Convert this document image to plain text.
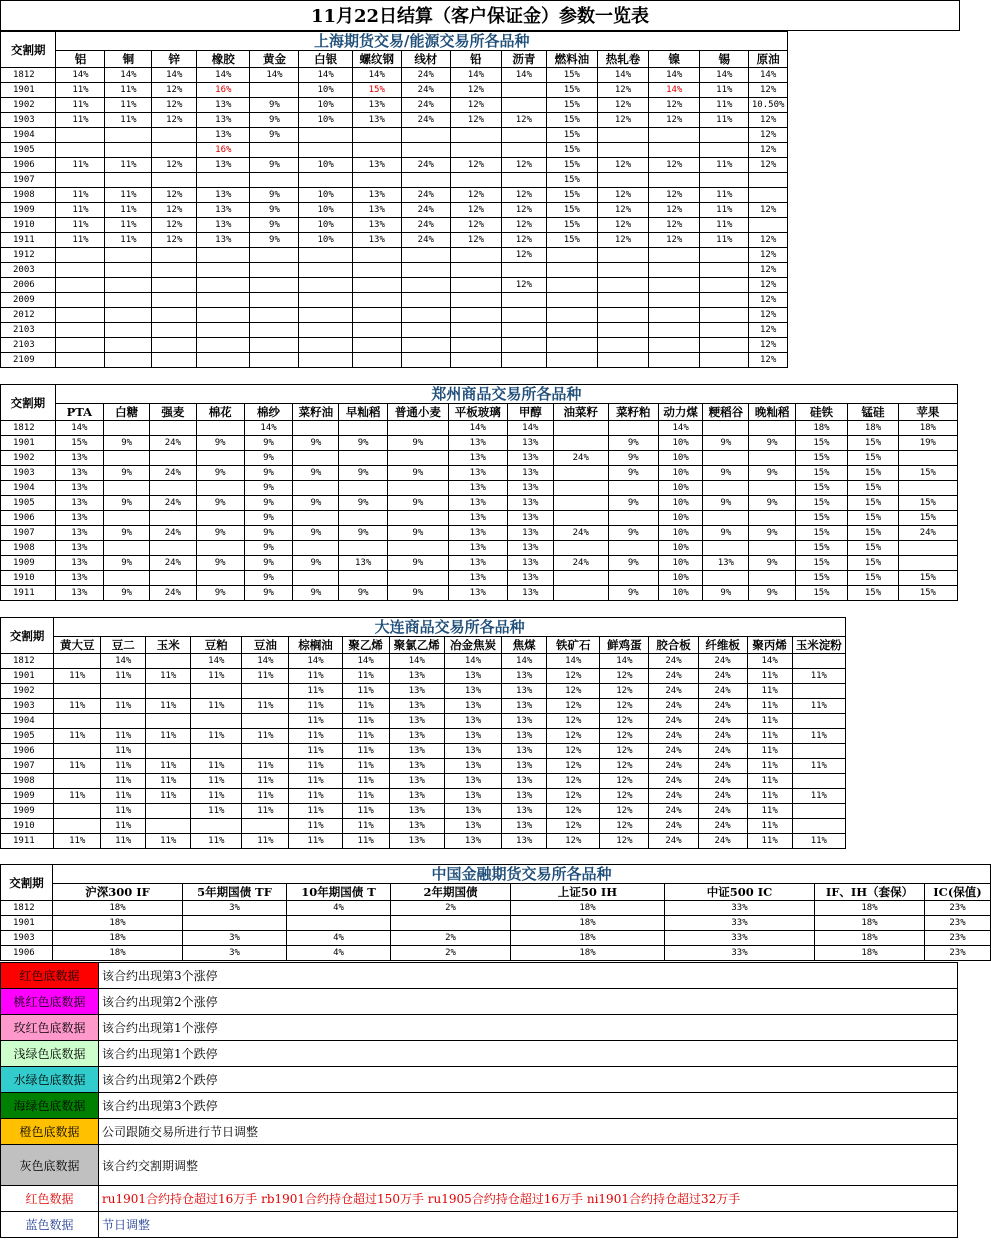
11月22日结算（客户保证金）参数一览表
交割期	上海期货交易/能源交易所各品种														
	铝	铜	锌	橡胶	黄金	白银	螺纹钢	线材	铅	沥青	燃料油	热轧卷	镍	锡	原油
1812	14%	14%	14%	14%	14%	14%	14%	24%	14%	14%	15%	14%	14%	14%	14%
1901	11%	11%	12%	16%		10%	15%	24%	12%		15%	12%	14%	11%	12%
1902	11%	11%	12%	13%	9%	10%	13%	24%	12%		15%	12%	12%	11%	10.50%
1903	11%	11%	12%	13%	9%	10%	13%	24%	12%	12%	15%	12%	12%	11%	12%
1904				13%	9%						15%				12%
1905				16%							15%				12%
1906	11%	11%	12%	13%	9%	10%	13%	24%	12%	12%	15%	12%	12%	11%	12%
1907											15%				
1908	11%	11%	12%	13%	9%	10%	13%	24%	12%	12%	15%	12%	12%	11%	
1909	11%	11%	12%	13%	9%	10%	13%	24%	12%	12%	15%	12%	12%	11%	12%
1910	11%	11%	12%	13%	9%	10%	13%	24%	12%	12%	15%	12%	12%	11%	
1911	11%	11%	12%	13%	9%	10%	13%	24%	12%	12%	15%	12%	12%	11%	12%
1912										12%					12%
2003															12%
2006										12%					12%
2009															12%
2012															12%
2103															12%
2103															12%
2109															12%
交割期	郑州商品交易所各品种																	
	PTA	白糖	强麦	棉花	棉纱	菜籽油	早籼稻	普通小麦	平板玻璃	甲醇	油菜籽	菜籽粕	动力煤	粳稻谷	晚籼稻	硅铁	锰硅	苹果
1812	14%				14%				14%	14%			14%			18%	18%	18%
1901	15%	9%	24%	9%	9%	9%	9%	9%	13%	13%		9%	10%	9%	9%	15%	15%	19%
1902	13%				9%				13%	13%	24%	9%	10%			15%	15%	
1903	13%	9%	24%	9%	9%	9%	9%	9%	13%	13%		9%	10%	9%	9%	15%	15%	15%
1904	13%				9%				13%	13%			10%			15%	15%	
1905	13%	9%	24%	9%	9%	9%	9%	9%	13%	13%		9%	10%	9%	9%	15%	15%	15%
1906	13%				9%				13%	13%			10%			15%	15%	15%
1907	13%	9%	24%	9%	9%	9%	9%	9%	13%	13%	24%	9%	10%	9%	9%	15%	15%	24%
1908	13%				9%				13%	13%			10%			15%	15%	
1909	13%	9%	24%	9%	9%	9%	13%	9%	13%	13%	24%	9%	10%	13%	9%	15%	15%	
1910	13%				9%				13%	13%			10%			15%	15%	15%
1911	13%	9%	24%	9%	9%	9%	9%	9%	13%	13%		9%	10%	9%	9%	15%	15%	15%
交割期	大连商品交易所各品种															
	黄大豆	豆二	玉米	豆粕	豆油	棕榈油	聚乙烯	聚氯乙烯	冶金焦炭	焦煤	铁矿石	鲜鸡蛋	胶合板	纤维板	聚丙烯	玉米淀粉
1812		14%		14%	14%	14%	14%	14%	14%	14%	14%	14%	24%	24%	14%	
1901	11%	11%	11%	11%	11%	11%	11%	13%	13%	13%	12%	12%	24%	24%	11%	11%
1902						11%	11%	13%	13%	13%	12%	12%	24%	24%	11%	
1903	11%	11%	11%	11%	11%	11%	11%	13%	13%	13%	12%	12%	24%	24%	11%	11%
1904						11%	11%	13%	13%	13%	12%	12%	24%	24%	11%	
1905	11%	11%	11%	11%	11%	11%	11%	13%	13%	13%	12%	12%	24%	24%	11%	11%
1906		11%				11%	11%	13%	13%	13%	12%	12%	24%	24%	11%	
1907	11%	11%	11%	11%	11%	11%	11%	13%	13%	13%	12%	12%	24%	24%	11%	11%
1908		11%	11%	11%	11%	11%	11%	13%	13%	13%	12%	12%	24%	24%	11%	
1909	11%	11%	11%	11%	11%	11%	11%	13%	13%	13%	12%	12%	24%	24%	11%	11%
1909		11%		11%	11%	11%	11%	13%	13%	13%	12%	12%	24%	24%	11%	
1910		11%				11%	11%	13%	13%	13%	12%	12%	24%	24%	11%	
1911	11%	11%	11%	11%	11%	11%	11%	13%	13%	13%	12%	12%	24%	24%	11%	11%
交割期	中国金融期货交易所各品种							
	沪深300 IF	5年期国债 TF	10年期国债 T	2年期国债	上证50 IH	中证500 IC	IF、IH（套保）	IC(保值)
1812	18%	3%	4%	2%	18%	33%	18%	23%
1901	18%				18%	33%	18%	23%
1903	18%	3%	4%	2%	18%	33%	18%	23%
1906	18%	3%	4%	2%	18%	33%	18%	23%
红色底数据	该合约出现第3个涨停
桃红色底数据	该合约出现第2个涨停
玫红色底数据	该合约出现第1个涨停
浅绿色底数据	该合约出现第1个跌停
水绿色底数据	该合约出现第2个跌停
海绿色底数据	该合约出现第3个跌停
橙色底数据	公司跟随交易所进行节日调整
灰色底数据	该合约交割期调整
红色数据	ru1901合约持仓超过16万手 rb1901合约持仓超过150万手 ru1905合约持仓超过16万手 ni1901合约持仓超过32万手
蓝色数据	节日调整
